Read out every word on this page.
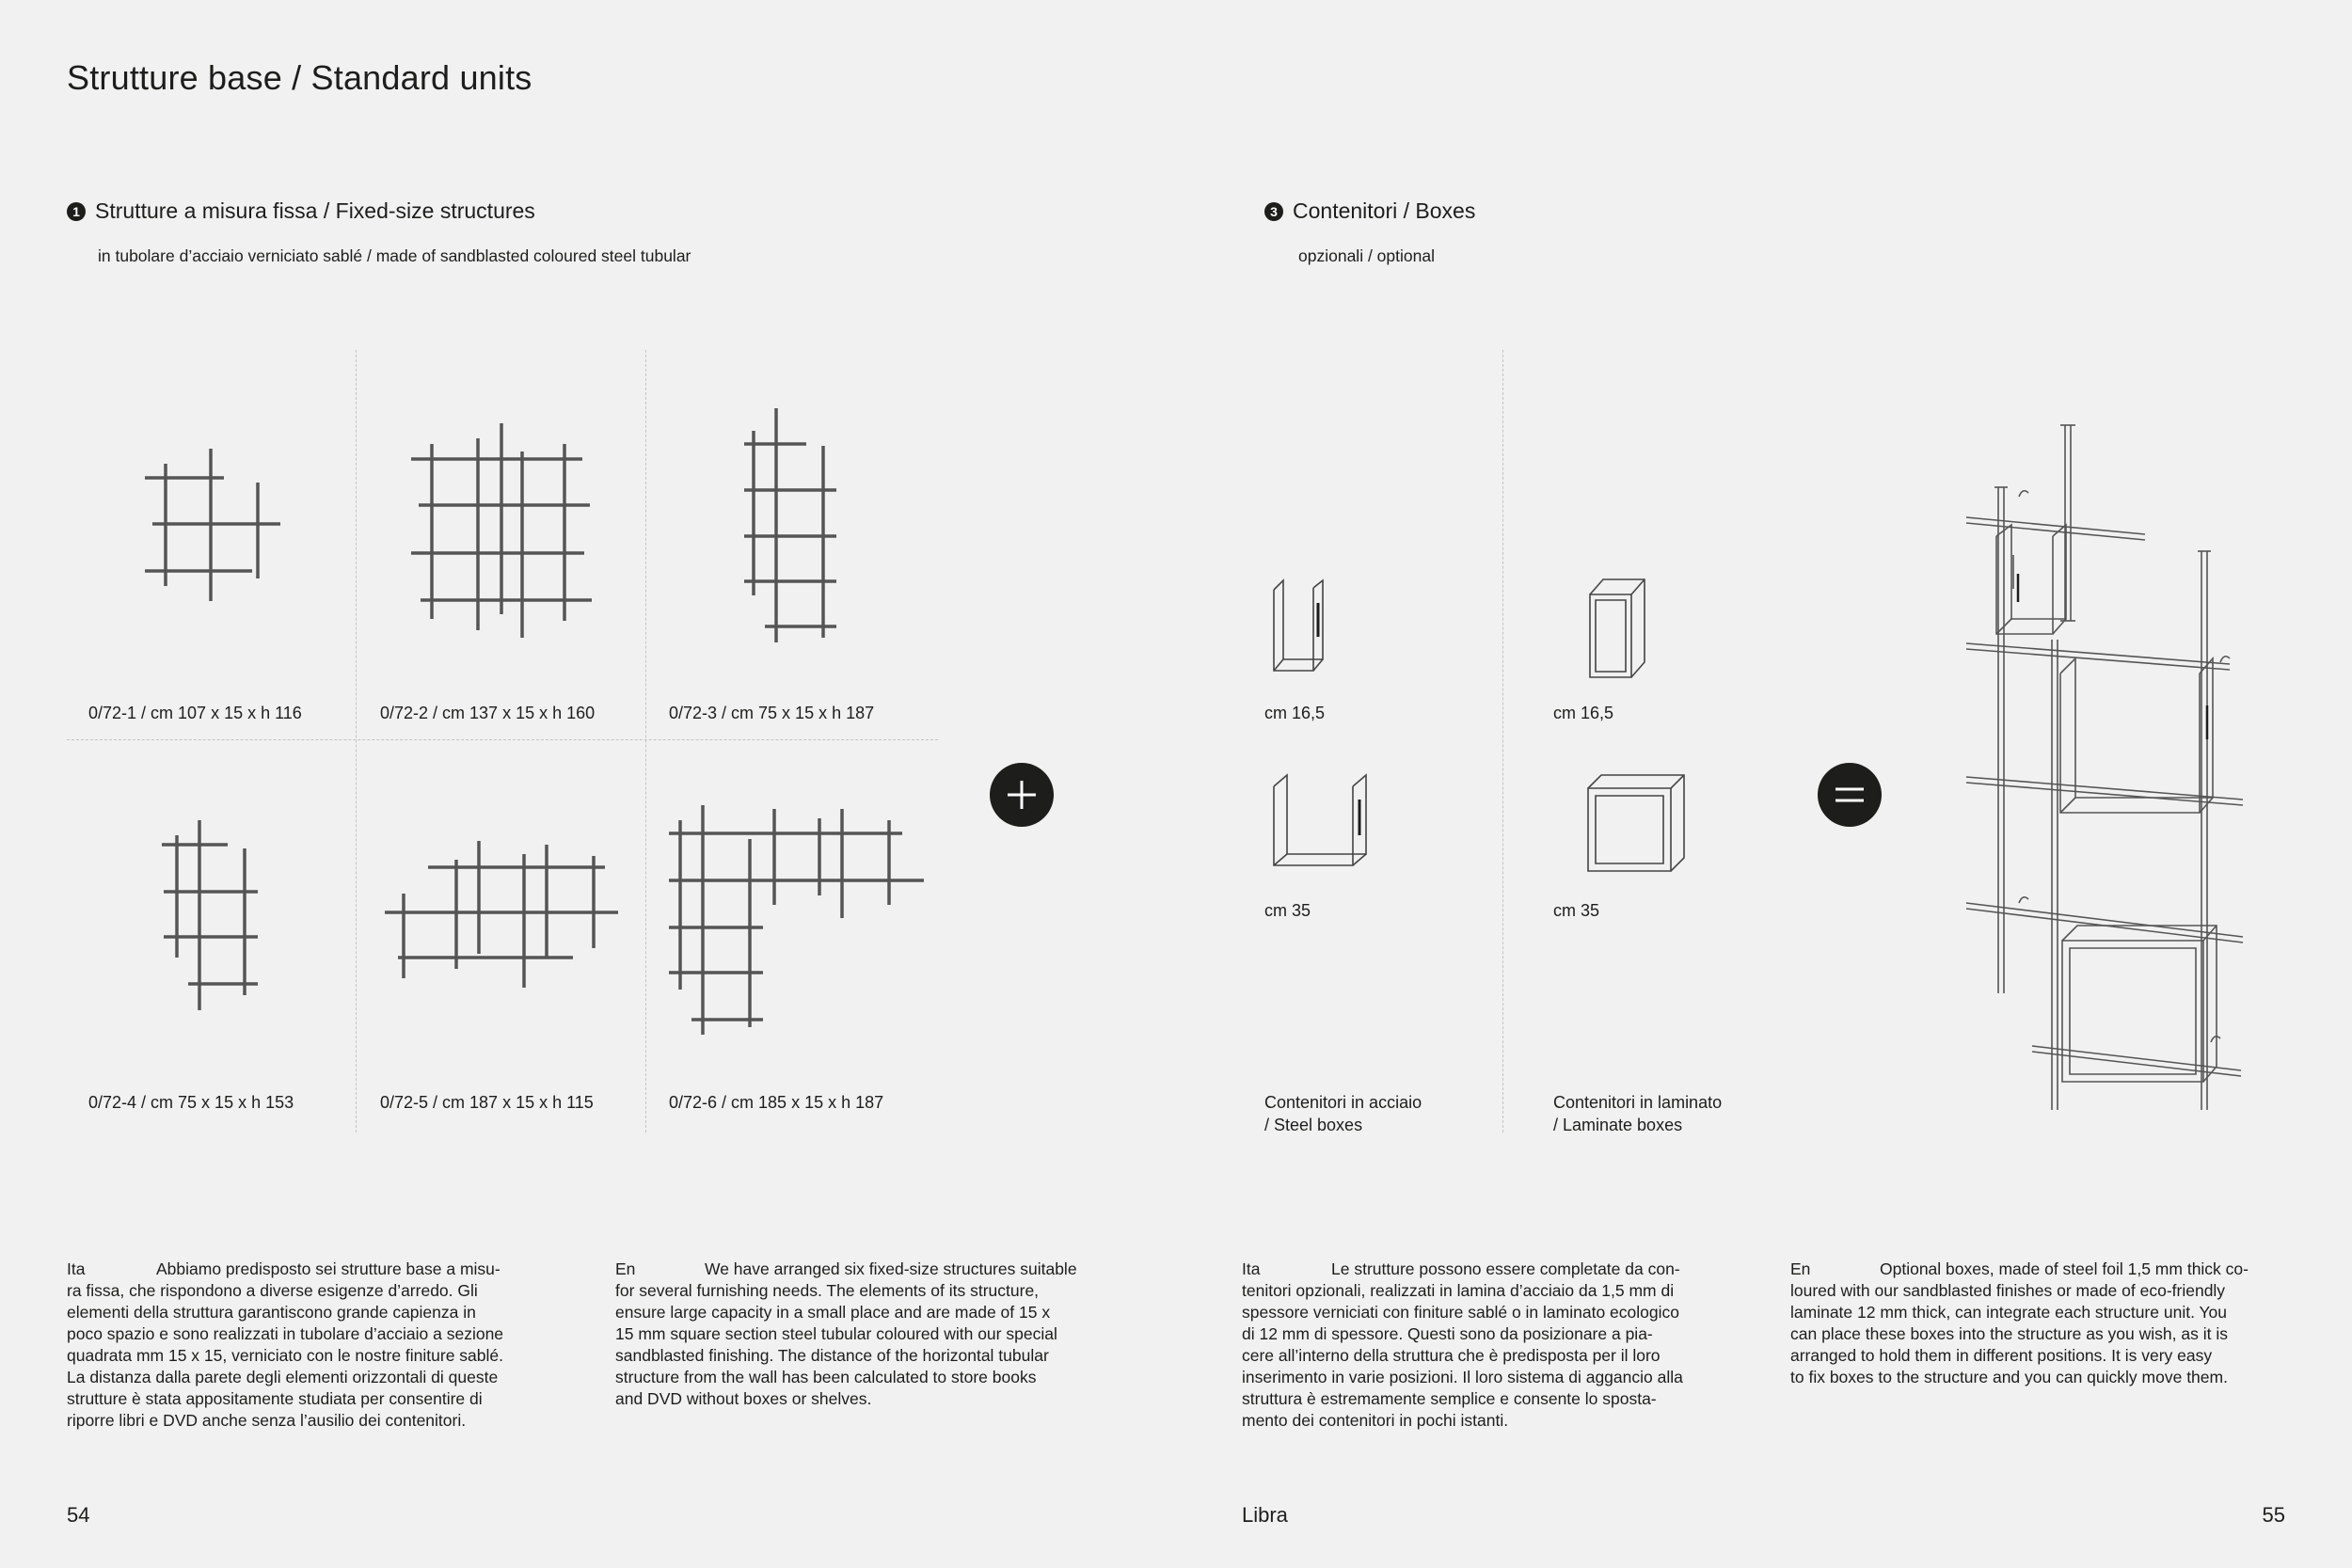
Strutture base / Standard units
1 Strutture a misura fissa / Fixed-size structures
in tubolare d’acciaio verniciato sablé / made of sandblasted coloured steel tubular
3 Contenitori / Boxes
opzionali / optional
0/72-1 / cm 107 x 15 x h 116	0/72-2 / cm 137 x 15 x h 160	0/72-3 / cm 75 x 15 x h 187
0/72-4 / cm 75 x 15 x h 153	0/72-5 / cm 187 x 15 x h 115	0/72-6 / cm 185 x 15 x h 187
cm 16,5
cm 35
Contenitori in acciaio
/ Steel boxes
cm 16,5
cm 35
Contenitori in laminato
/ Laminate boxes
Ita	Abbiamo predisposto sei strutture base a misu-
ra fissa, che rispondono a diverse esigenze d’arredo. Gli
elementi della struttura garantiscono grande capienza in
poco spazio e sono realizzati in tubolare d’acciaio a sezione
quadrata mm 15 x 15, verniciato con le nostre finiture sablé.
La distanza dalla parete degli elementi orizzontali di queste
strutture è stata appositamente studiata per consentire di
riporre libri e DVD anche senza l’ausilio dei contenitori.
En	We have arranged six fixed-size structures suitable
for several furnishing needs. The elements of its structure,
ensure large capacity in a small place and are made of 15 x
15 mm square section steel tubular coloured with our special
sandblasted finishing. The distance of the horizontal tubular
structure from the wall has been calculated to store books
and DVD without boxes or shelves.
Ita	Le strutture possono essere completate da con-
tenitori opzionali, realizzati in lamina d’acciaio da 1,5 mm di
spessore verniciati con finiture sablé o in laminato ecologico
di 12 mm di spessore. Questi sono da posizionare a pia-
cere all’interno della struttura che è predisposta per il loro
inserimento in varie posizioni. Il loro sistema di aggancio alla
struttura è estremamente semplice e consente lo sposta-
mento dei contenitori in pochi istanti.
En	Optional boxes, made of steel foil 1,5 mm thick co-
loured with our sandblasted finishes or made of eco-friendly
laminate 12 mm thick, can integrate each structure unit. You
can place these boxes into the structure as you wish, as it is
arranged to hold them in different positions. It is very easy
to fix boxes to the structure and you can quickly move them.
54	Libra	55
